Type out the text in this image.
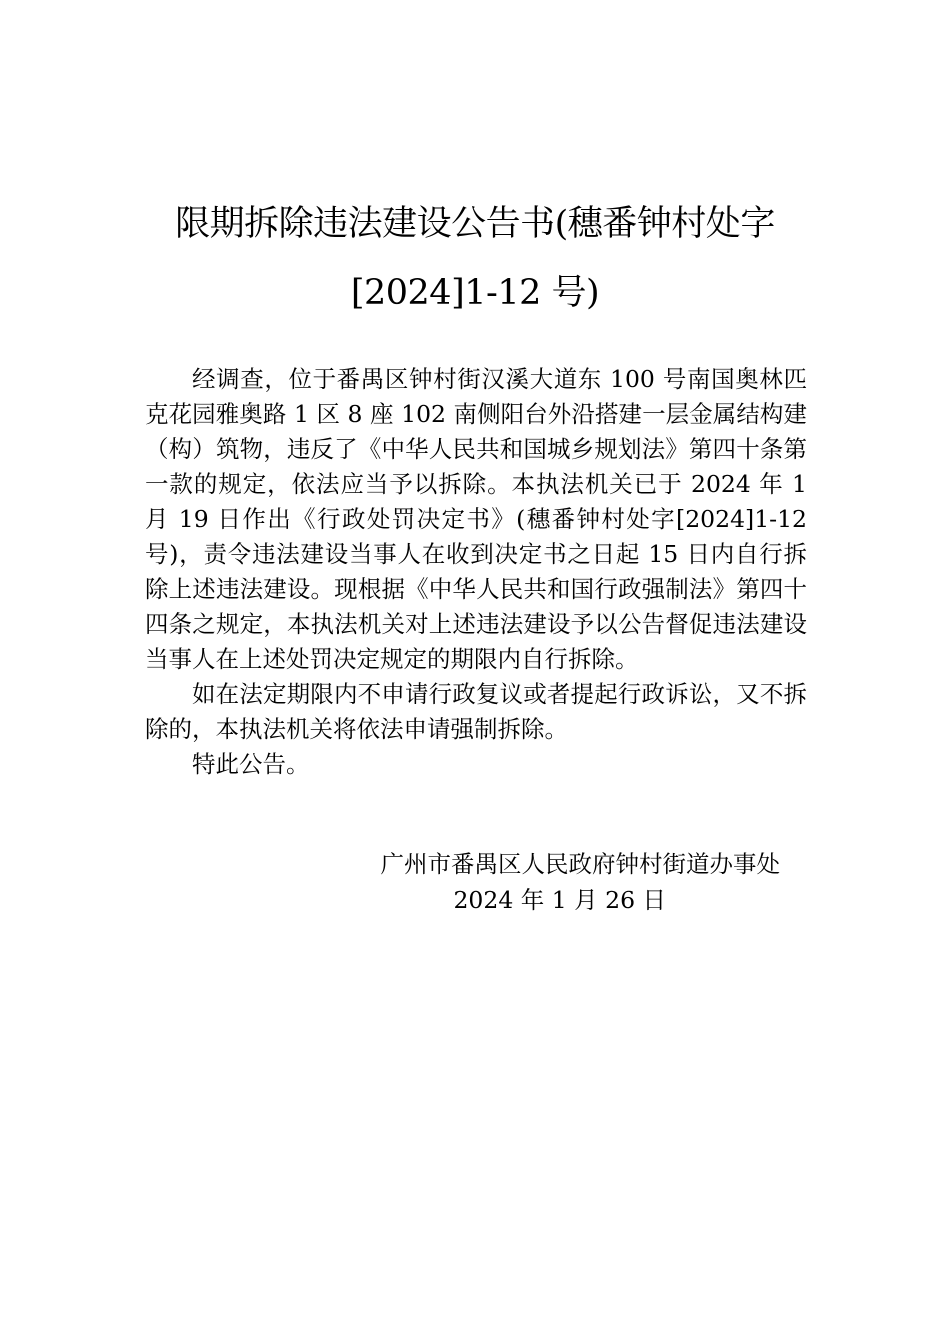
限期拆除违法建设公告书(穗番钟村处字
[2024]1-12 号)

经调查，位于番禺区钟村街汉溪大道东 100 号南国奥林匹克花园雅奥路 1 区 8 座 102 南侧阳台外沿搭建一层金属结构建（构）筑物，违反了《中华人民共和国城乡规划法》第四十条第一款的规定，依法应当予以拆除。本执法机关已于 2024 年 1 月 19 日作出《行政处罚决定书》(穗番钟村处字[2024]1-12 号)，责令违法建设当事人在收到决定书之日起 15 日内自行拆除上述违法建设。现根据《中华人民共和国行政强制法》第四十四条之规定，本执法机关对上述违法建设予以公告督促违法建设当事人在上述处罚决定规定的期限内自行拆除。

如在法定期限内不申请行政复议或者提起行政诉讼，又不拆除的，本执法机关将依法申请强制拆除。

特此公告。

广州市番禺区人民政府钟村街道办事处
2024 年 1 月 26 日
